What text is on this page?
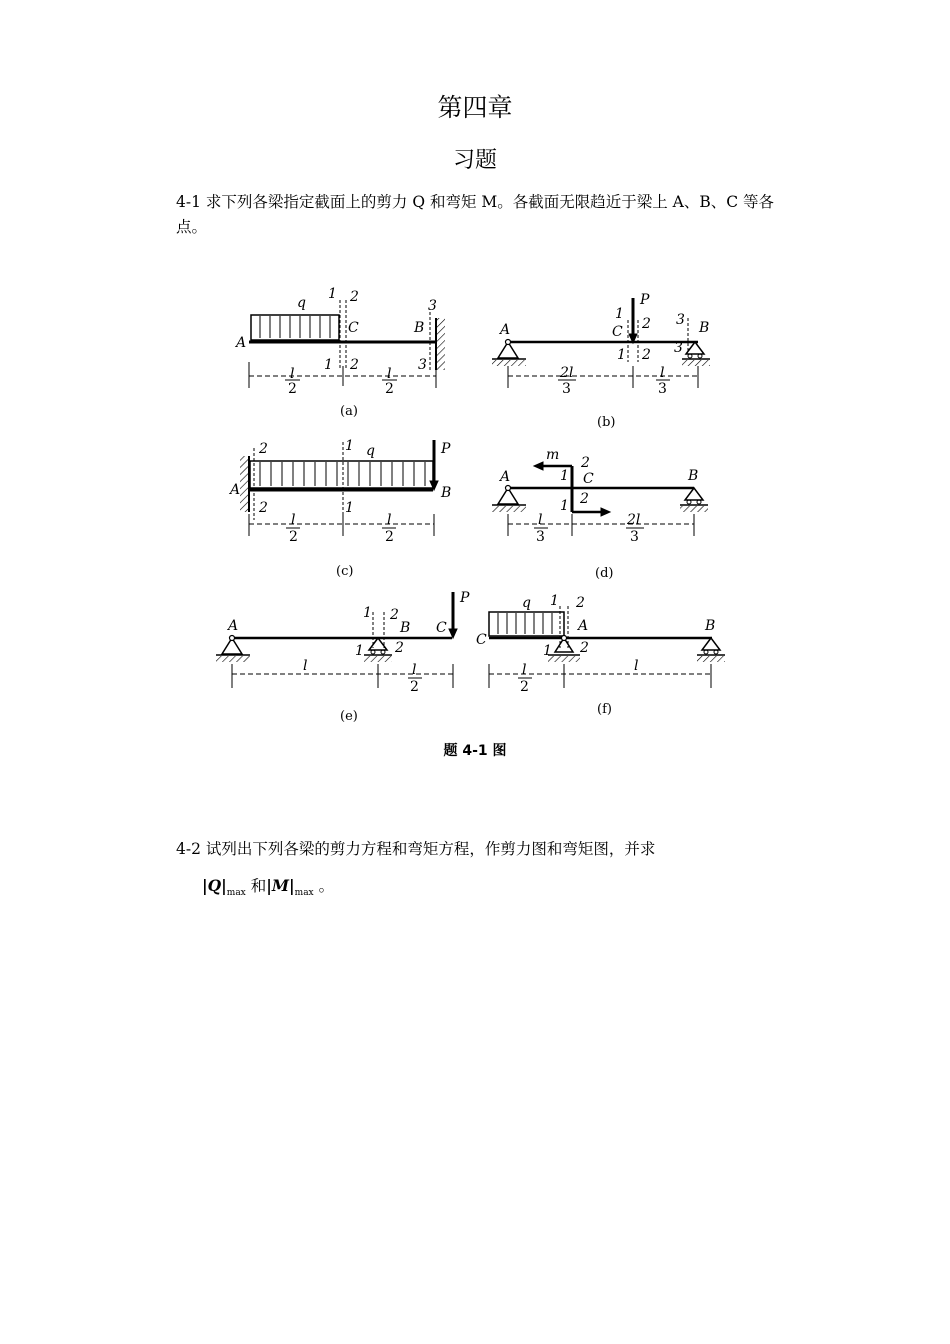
第四章
习题
4-1 求下列各梁指定截面上的剪力 Q 和弯矩 M。各截面无限趋近于梁上 A、B、C 等各点。
q
1 2
C	B
3
A
1 2	3
l
2
l
2
(a)
P
A
1
2
C
3 B
1 2 3
2l
3
l
3
(b)
2	1 q	P
A	B
2	1
l
2
l
2
(c)
m 2
1 C
A	B
1 2
l
3
2l
3
(d)
P
A
1 2
B C
1 2
l	l
2
(e)
q 1 2
C
A	B
1 2
l
2
l
(f)
题 4-1 图
4-2 试列出下列各梁的剪力方程和弯矩方程，作剪力图和弯矩图，并求
$|Q|_{max}$ 和$|M|_{max}$ 。
